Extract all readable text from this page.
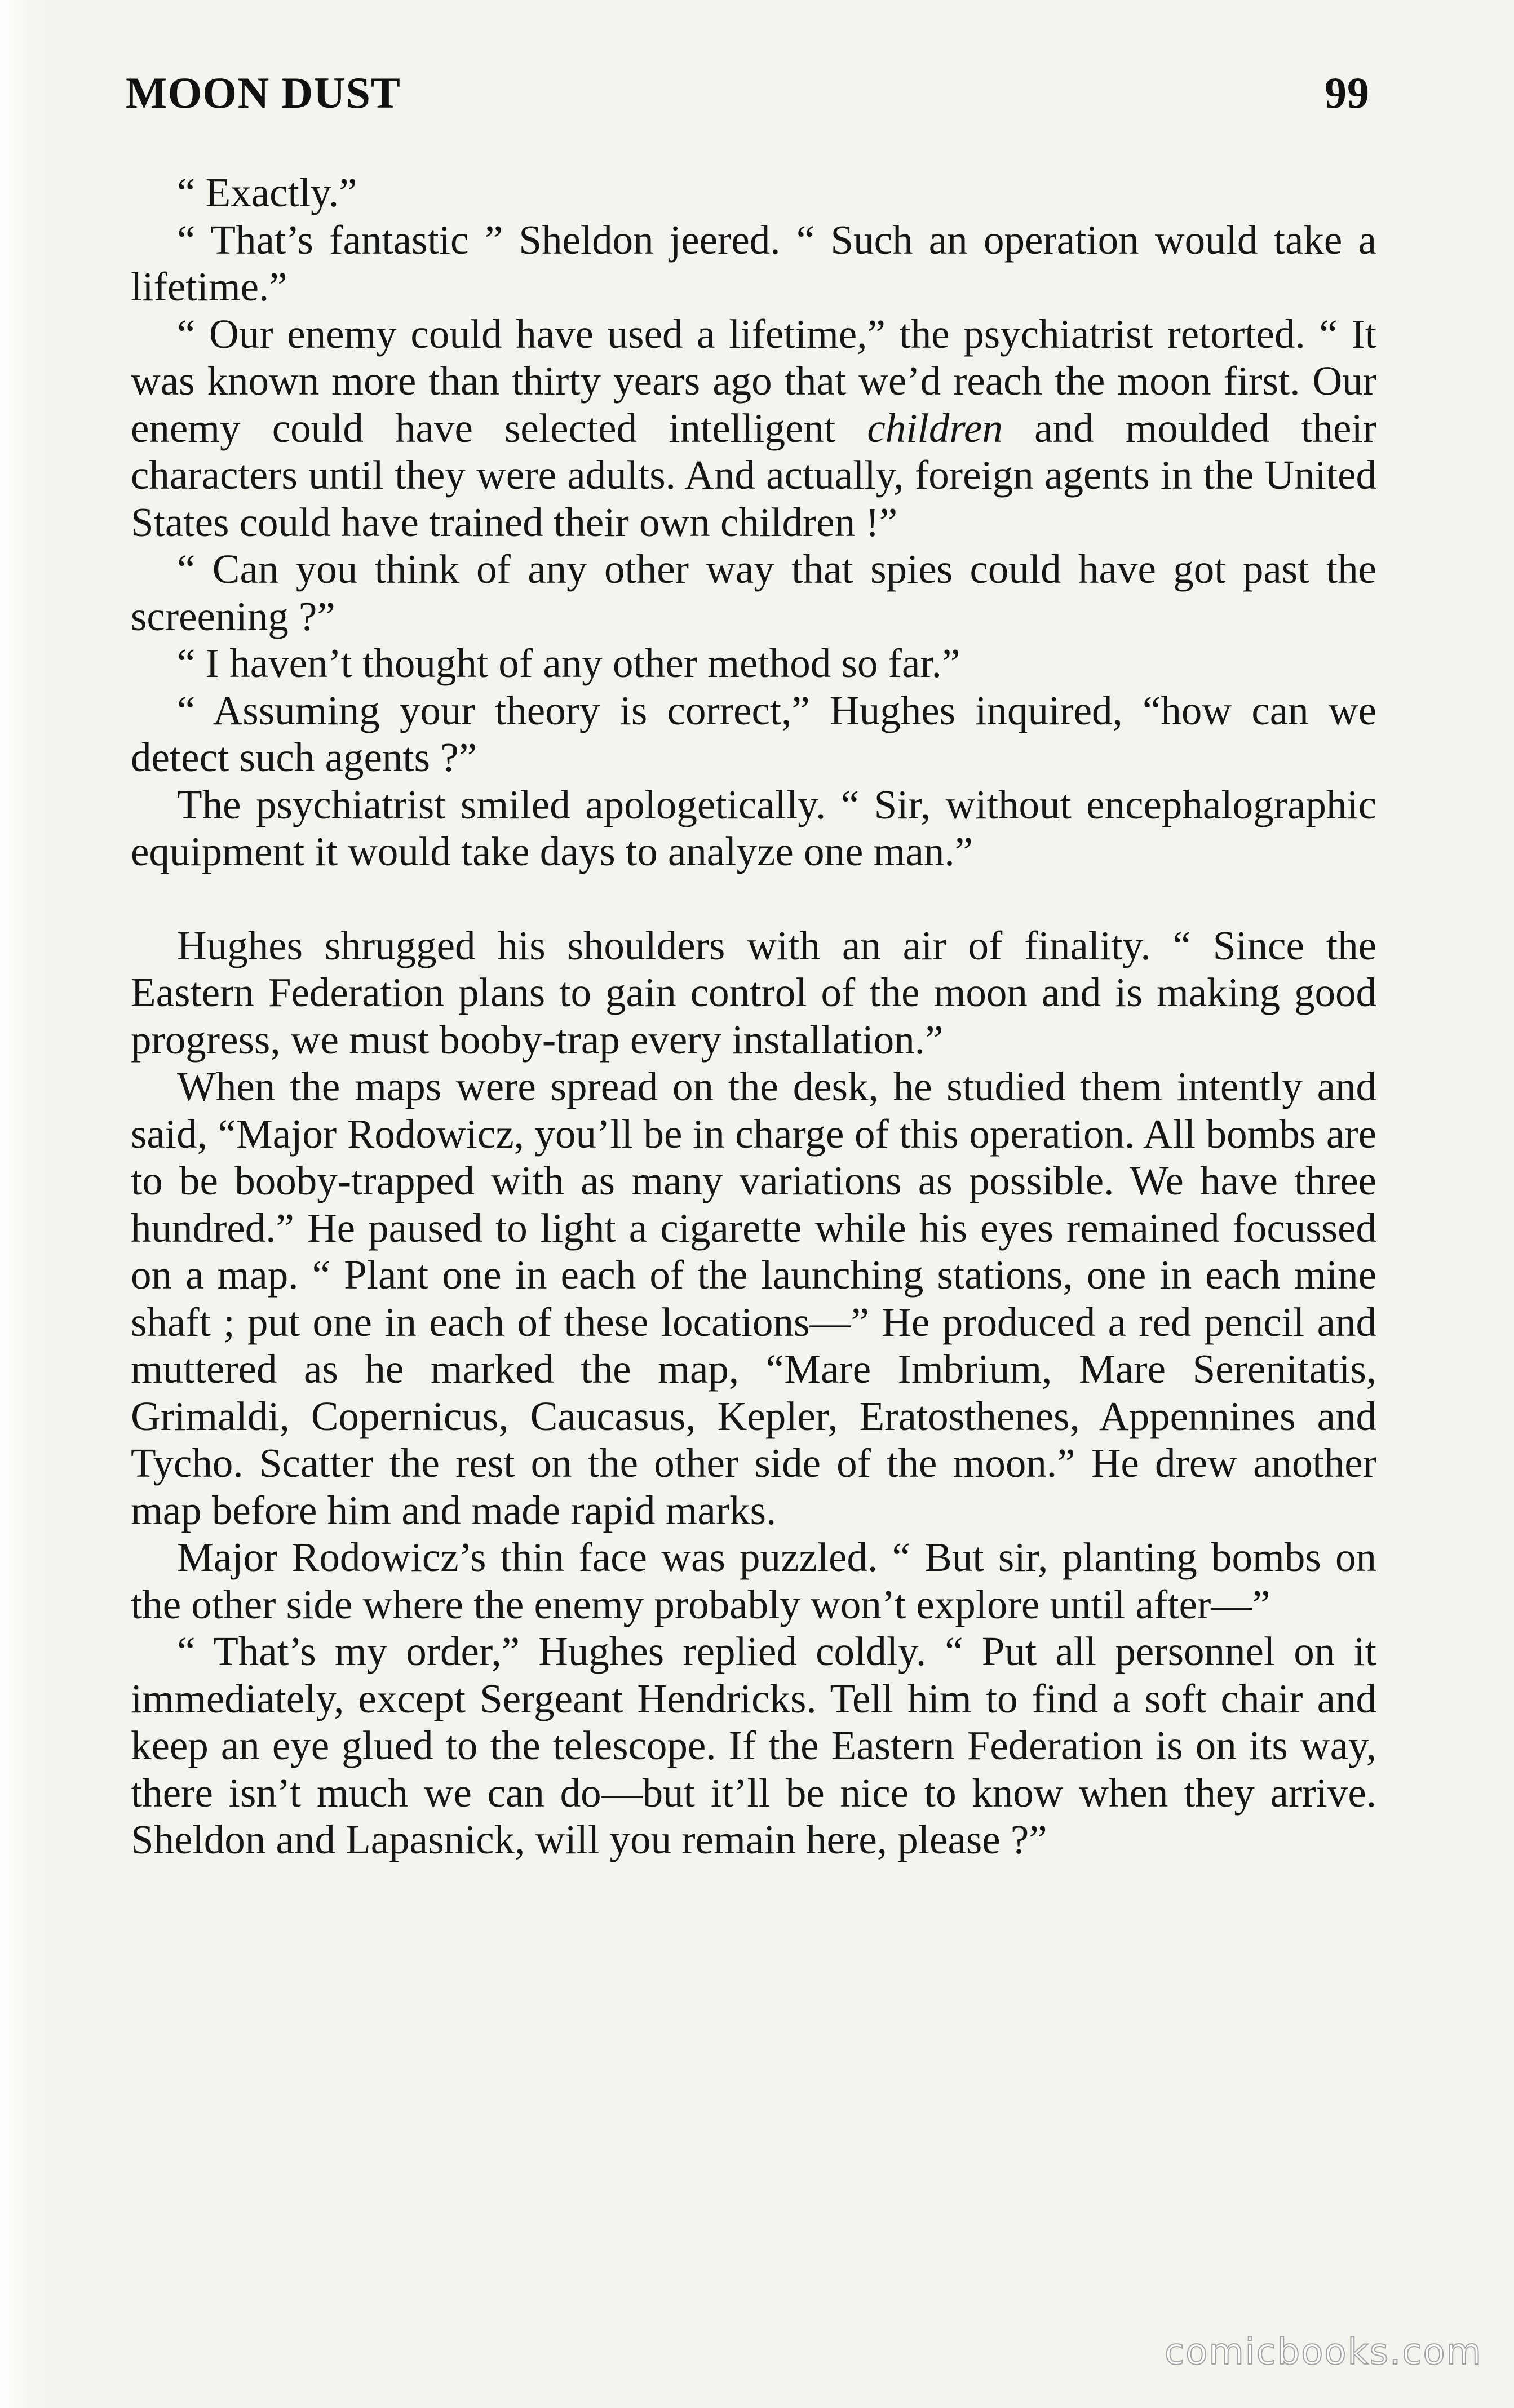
MOON DUST	99

“ Exactly.”

“ That’s fantastic ” Sheldon jeered. “ Such an operation would take a lifetime.”

“ Our enemy could have used a lifetime,” the psychiatrist retorted. “ It was known more than thirty years ago that we’d reach the moon first. Our enemy could have selected intelligent children and moulded their characters until they were adults. And actually, foreign agents in the United States could have trained their own children !”

“ Can you think of any other way that spies could have got past the screening ?”

“ I haven’t thought of any other method so far.”

“ Assuming your theory is correct,” Hughes inquired, “how can we detect such agents ?”

The psychiatrist smiled apologetically. “ Sir, without encephalographic equipment it would take days to analyze one man.”

Hughes shrugged his shoulders with an air of finality. “ Since the Eastern Federation plans to gain control of the moon and is making good progress, we must booby-trap every installation.”

When the maps were spread on the desk, he studied them intently and said, “Major Rodowicz, you’ll be in charge of this operation. All bombs are to be booby-trapped with as many variations as possible. We have three hundred.” He paused to light a cigarette while his eyes remained focussed on a map. “ Plant one in each of the launching stations, one in each mine shaft ; put one in each of these locations—” He produced a red pencil and muttered as he marked the map, “Mare Imbrium, Mare Serenitatis, Grimaldi, Copernicus, Caucasus, Kepler, Eratosthenes, Appennines and Tycho. Scatter the rest on the other side of the moon.” He drew another map before him and made rapid marks.

Major Rodowicz’s thin face was puzzled. “ But sir, planting bombs on the other side where the enemy probably won’t explore until after—”

“ That’s my order,” Hughes replied coldly. “ Put all personnel on it immediately, except Sergeant Hendricks. Tell him to find a soft chair and keep an eye glued to the telescope. If the Eastern Federation is on its way, there isn’t much we can do—but it’ll be nice to know when they arrive. Sheldon and Lapasnick, will you remain here, please ?”

comicbooks.com
